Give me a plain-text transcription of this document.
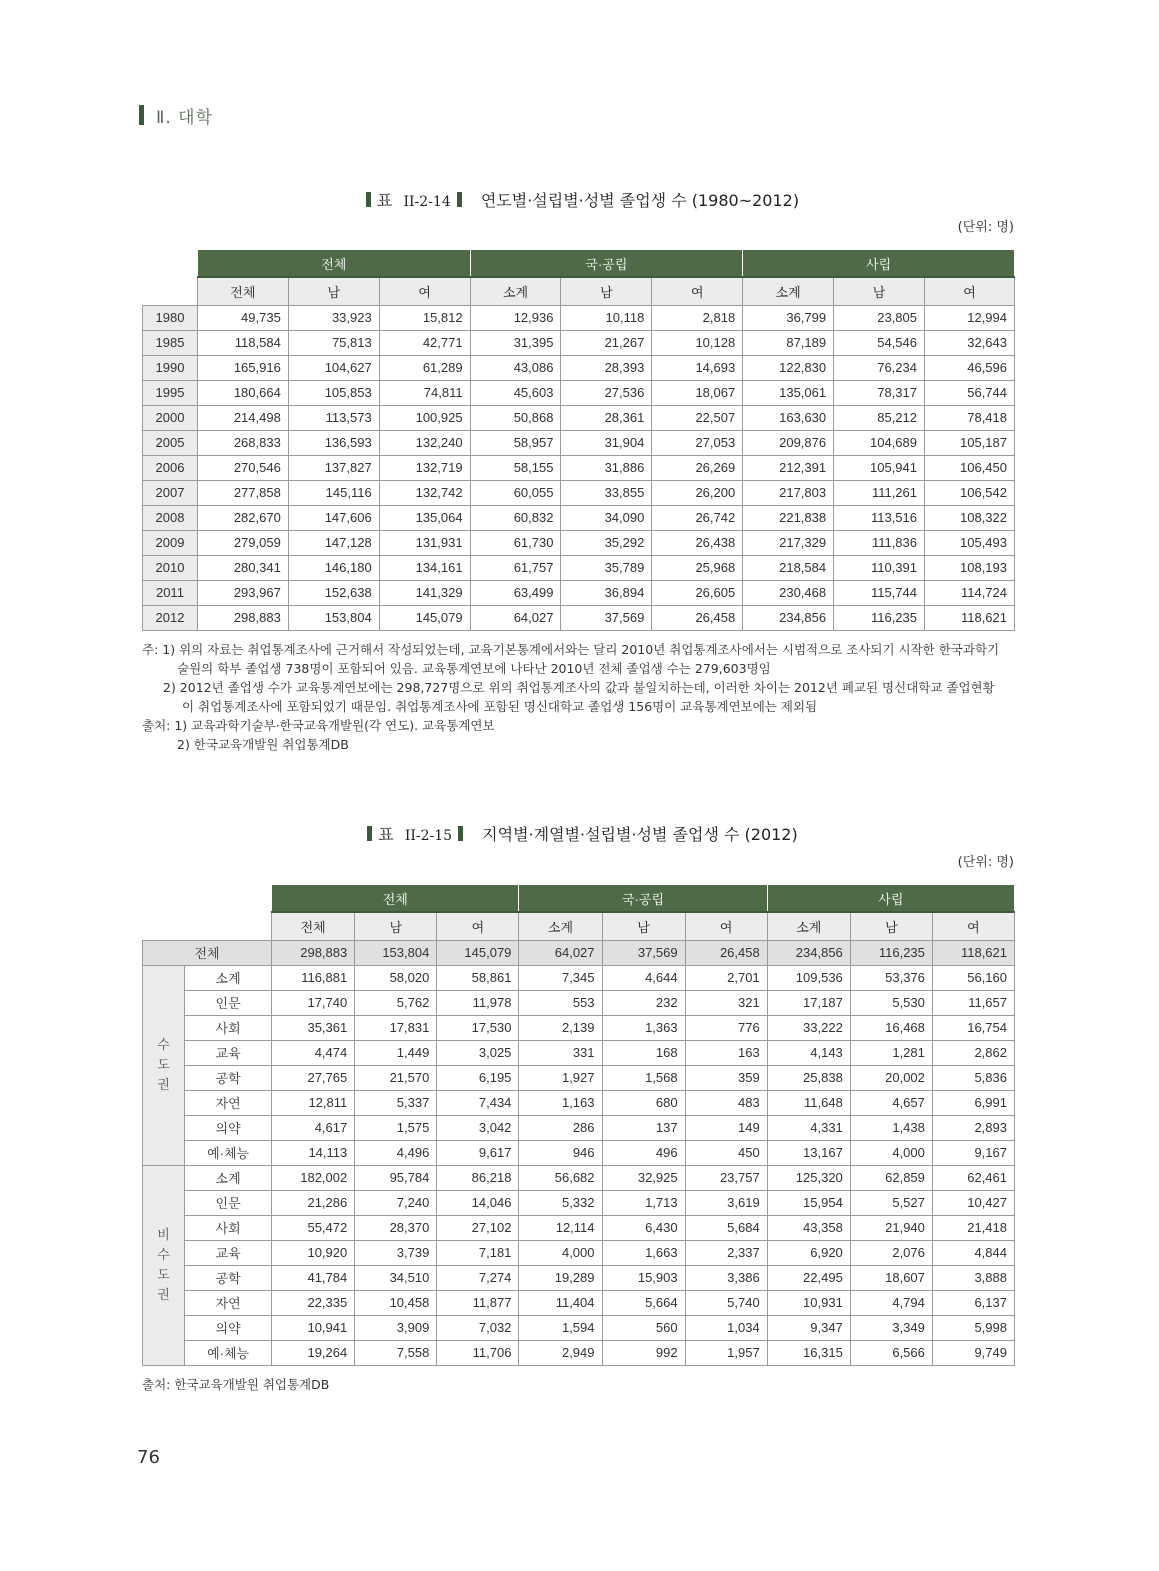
Ⅱ. 대학
표 II-2-14 연도별·설립별·성별 졸업생 수 (1980~2012)
(단위: 명)
	전체			국·공립			사립		
	전체	남	여	소계	남	여	소계	남	여
1980	49,735	33,923	15,812	12,936	10,118	2,818	36,799	23,805	12,994
1985	118,584	75,813	42,771	31,395	21,267	10,128	87,189	54,546	32,643
1990	165,916	104,627	61,289	43,086	28,393	14,693	122,830	76,234	46,596
1995	180,664	105,853	74,811	45,603	27,536	18,067	135,061	78,317	56,744
2000	214,498	113,573	100,925	50,868	28,361	22,507	163,630	85,212	78,418
2005	268,833	136,593	132,240	58,957	31,904	27,053	209,876	104,689	105,187
2006	270,546	137,827	132,719	58,155	31,886	26,269	212,391	105,941	106,450
2007	277,858	145,116	132,742	60,055	33,855	26,200	217,803	111,261	106,542
2008	282,670	147,606	135,064	60,832	34,090	26,742	221,838	113,516	108,322
2009	279,059	147,128	131,931	61,730	35,292	26,438	217,329	111,836	105,493
2010	280,341	146,180	134,161	61,757	35,789	25,968	218,584	110,391	108,193
2011	293,967	152,638	141,329	63,499	36,894	26,605	230,468	115,744	114,724
2012	298,883	153,804	145,079	64,027	37,569	26,458	234,856	116,235	118,621
주: 1) 위의 자료는 취업통계조사에 근거해서 작성되었는데, 교육기본통계에서와는 달리 2010년 취업통계조사에서는 시범적으로 조사되기 시작한 한국과학기
술원의 학부 졸업생 738명이 포함되어 있음. 교육통계연보에 나타난 2010년 전체 졸업생 수는 279,603명임
2) 2012년 졸업생 수가 교육통계연보에는 298,727명으로 위의 취업통계조사의 값과 불일치하는데, 이러한 차이는 2012년 폐교된 명신대학교 졸업현황
이 취업통계조사에 포함되었기 때문임. 취업통계조사에 포함된 명신대학교 졸업생 156명이 교육통계연보에는 제외됨
출처: 1) 교육과학기술부·한국교육개발원(각 연도). 교육통계연보
2) 한국교육개발원 취업통계DB
표 II-2-15 지역별·계열별·설립별·성별 졸업생 수 (2012)
(단위: 명)
		전체			국·공립			사립		
		전체	남	여	소계	남	여	소계	남	여
전체		298,883	153,804	145,079	64,027	37,569	26,458	234,856	116,235	118,621

수
도
권	소계	116,881	58,020	58,861	7,345	4,644	2,701	109,536	53,376	56,160
	인문	17,740	5,762	11,978	553	232	321	17,187	5,530	11,657
	사회	35,361	17,831	17,530	2,139	1,363	776	33,222	16,468	16,754
	교육	4,474	1,449	3,025	331	168	163	4,143	1,281	2,862
	공학	27,765	21,570	6,195	1,927	1,568	359	25,838	20,002	5,836
	자연	12,811	5,337	7,434	1,163	680	483	11,648	4,657	6,991
	의약	4,617	1,575	3,042	286	137	149	4,331	1,438	2,893
	예·체능	14,113	4,496	9,617	946	496	450	13,167	4,000	9,167

비
수
도
권	소계	182,002	95,784	86,218	56,682	32,925	23,757	125,320	62,859	62,461
	인문	21,286	7,240	14,046	5,332	1,713	3,619	15,954	5,527	10,427
	사회	55,472	28,370	27,102	12,114	6,430	5,684	43,358	21,940	21,418
	교육	10,920	3,739	7,181	4,000	1,663	2,337	6,920	2,076	4,844
	공학	41,784	34,510	7,274	19,289	15,903	3,386	22,495	18,607	3,888
	자연	22,335	10,458	11,877	11,404	5,664	5,740	10,931	4,794	6,137
	의약	10,941	3,909	7,032	1,594	560	1,034	9,347	3,349	5,998
	예·체능	19,264	7,558	11,706	2,949	992	1,957	16,315	6,566	9,749
출처: 한국교육개발원 취업통계DB
76
